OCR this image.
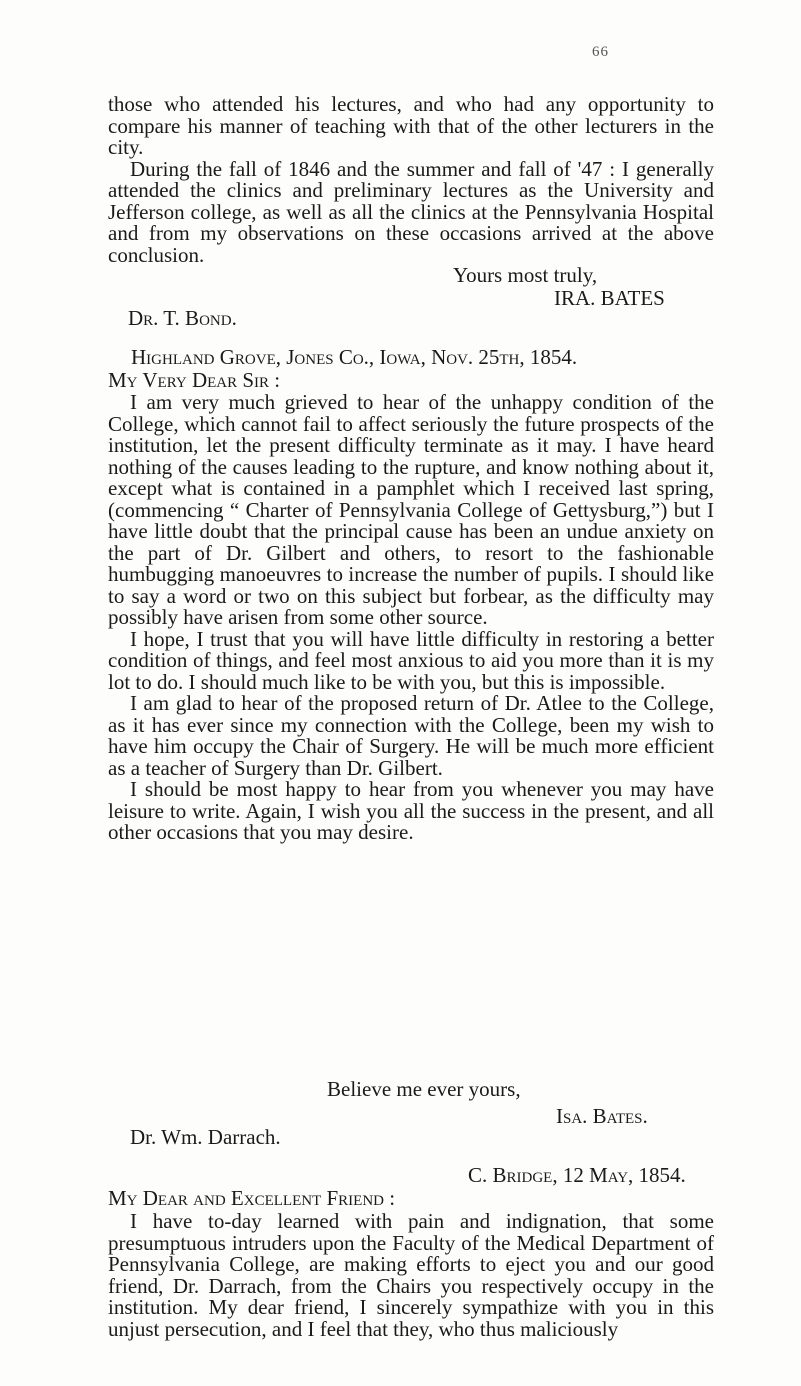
66

those who attended his lectures, and who had any opportunity to compare his manner of teaching with that of the other lecturers in the city.

During the fall of 1846 and the summer and fall of '47 : I generally attended the clinics and preliminary lectures as the University and Jefferson college, as well as all the clinics at the Pennsylvania Hospital and from my observations on these occasions arrived at the above conclusion.

Yours most truly,
IRA. BATES
Dr. T. Bond.
Highland Grove, Jones Co., Iowa, Nov. 25th, 1854.
My Very Dear Sir :

I am very much grieved to hear of the unhappy condition of the College, which cannot fail to affect seriously the future prospects of the institution, let the present difficulty terminate as it may. I have heard nothing of the causes leading to the rupture, and know nothing about it, except what is contained in a pamphlet which I received last spring, (commencing “ Charter of Pennsylvania College of Gettysburg,”) but I have little doubt that the principal cause has been an undue anxiety on the part of Dr. Gilbert and others, to resort to the fashionable humbugging manoeuvres to increase the number of pupils. I should like to say a word or two on this subject but forbear, as the difficulty may possibly have arisen from some other source.

I hope, I trust that you will have little difficulty in restoring a better condition of things, and feel most anxious to aid you more than it is my lot to do. I should much like to be with you, but this is impossible.

I am glad to hear of the proposed return of Dr. Atlee to the College, as it has ever since my connection with the College, been my wish to have him occupy the Chair of Surgery. He will be much more efficient as a teacher of Surgery than Dr. Gilbert.

I should be most happy to hear from you whenever you may have leisure to write. Again, I wish you all the success in the present, and all other occasions that you may desire.

Believe me ever yours,
Isa. Bates.
Dr. Wm. Darrach.
C. Bridge, 12 May, 1854.
My Dear and Excellent Friend :

I have to-day learned with pain and indignation, that some presumptuous intruders upon the Faculty of the Medical Department of Pennsylvania College, are making efforts to eject you and our good friend, Dr. Darrach, from the Chairs you respectively occupy in the institution. My dear friend, I sincerely sympathize with you in this unjust persecution, and I feel that they, who thus maliciously
